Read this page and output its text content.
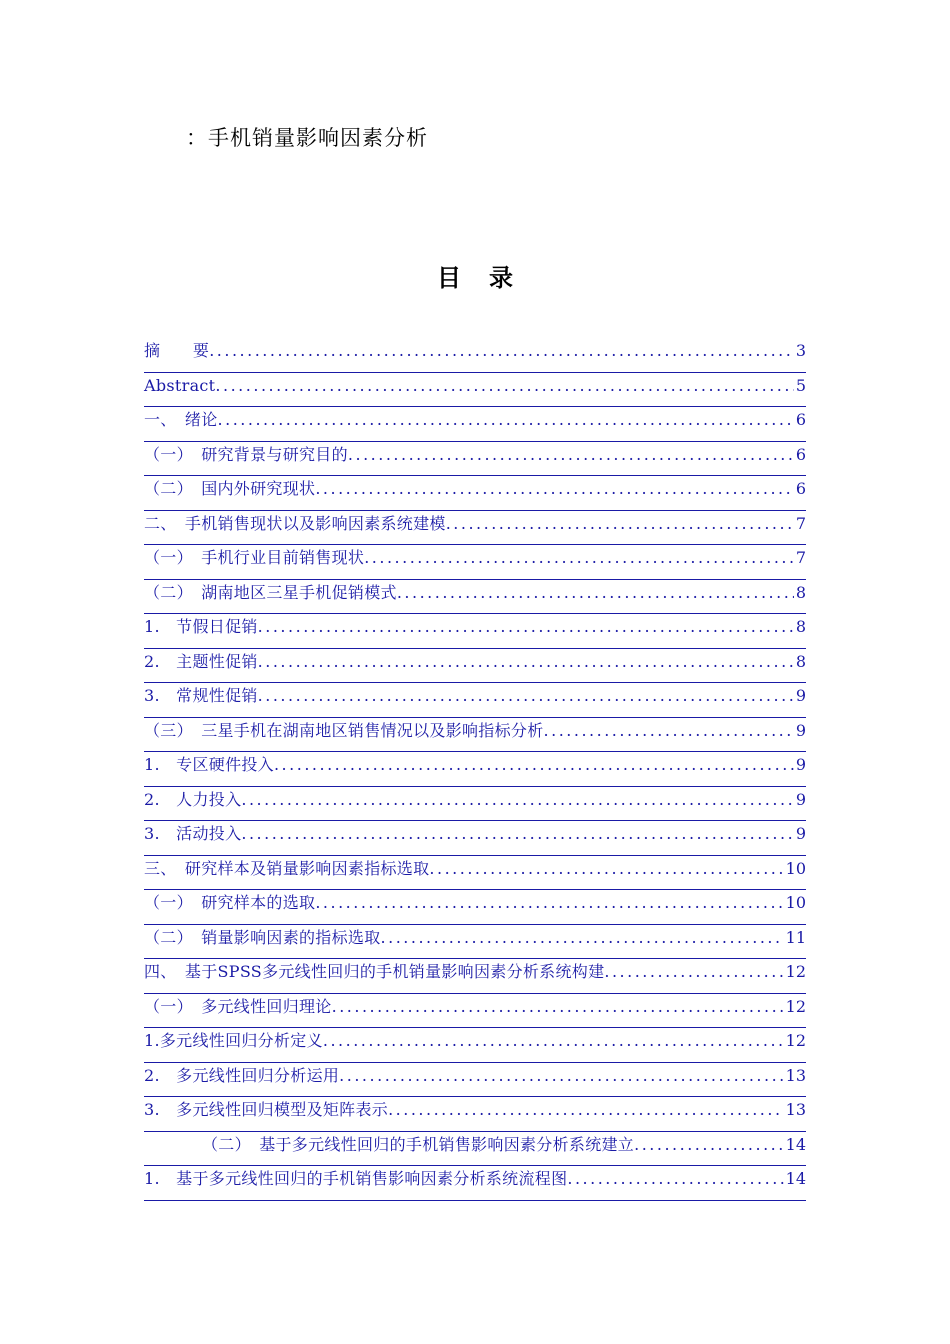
：手机销量影响因素分析
目 录
摘　　要 .....	3
Abstract .....	5
一、　绪论 .....	6
（一）　研究背景与研究目的 .....	6
（二）　国内外研究现状 .....	6
二、　手机销售现状以及影响因素系统建模 .....	7
（一）　手机行业目前销售现状 .....	7
（二）　湖南地区三星手机促销模式 .....	8
1.　节假日促销 .....	8
2.　主题性促销 .....	8
3.　常规性促销 .....	9
（三）　三星手机在湖南地区销售情况以及影响指标分析 .....	9
1.　专区硬件投入 .....	9
2.　人力投入 .....	9
3.　活动投入 .....	9
三、　研究样本及销量影响因素指标选取 .....	10
（一）　研究样本的选取 .....	10
（二）　销量影响因素的指标选取 .....	11
四、　基于SPSS多元线性回归的手机销量影响因素分析系统构建 .....	12
（一）　多元线性回归理论 .....	12
1.多元线性回归分析定义 .....	12
2.　多元线性回归分析运用 .....	13
3.　多元线性回归模型及矩阵表示 .....	13
（二）　基于多元线性回归的手机销售影响因素分析系统建立 .....	14
1.　基于多元线性回归的手机销售影响因素分析系统流程图 .....	14
